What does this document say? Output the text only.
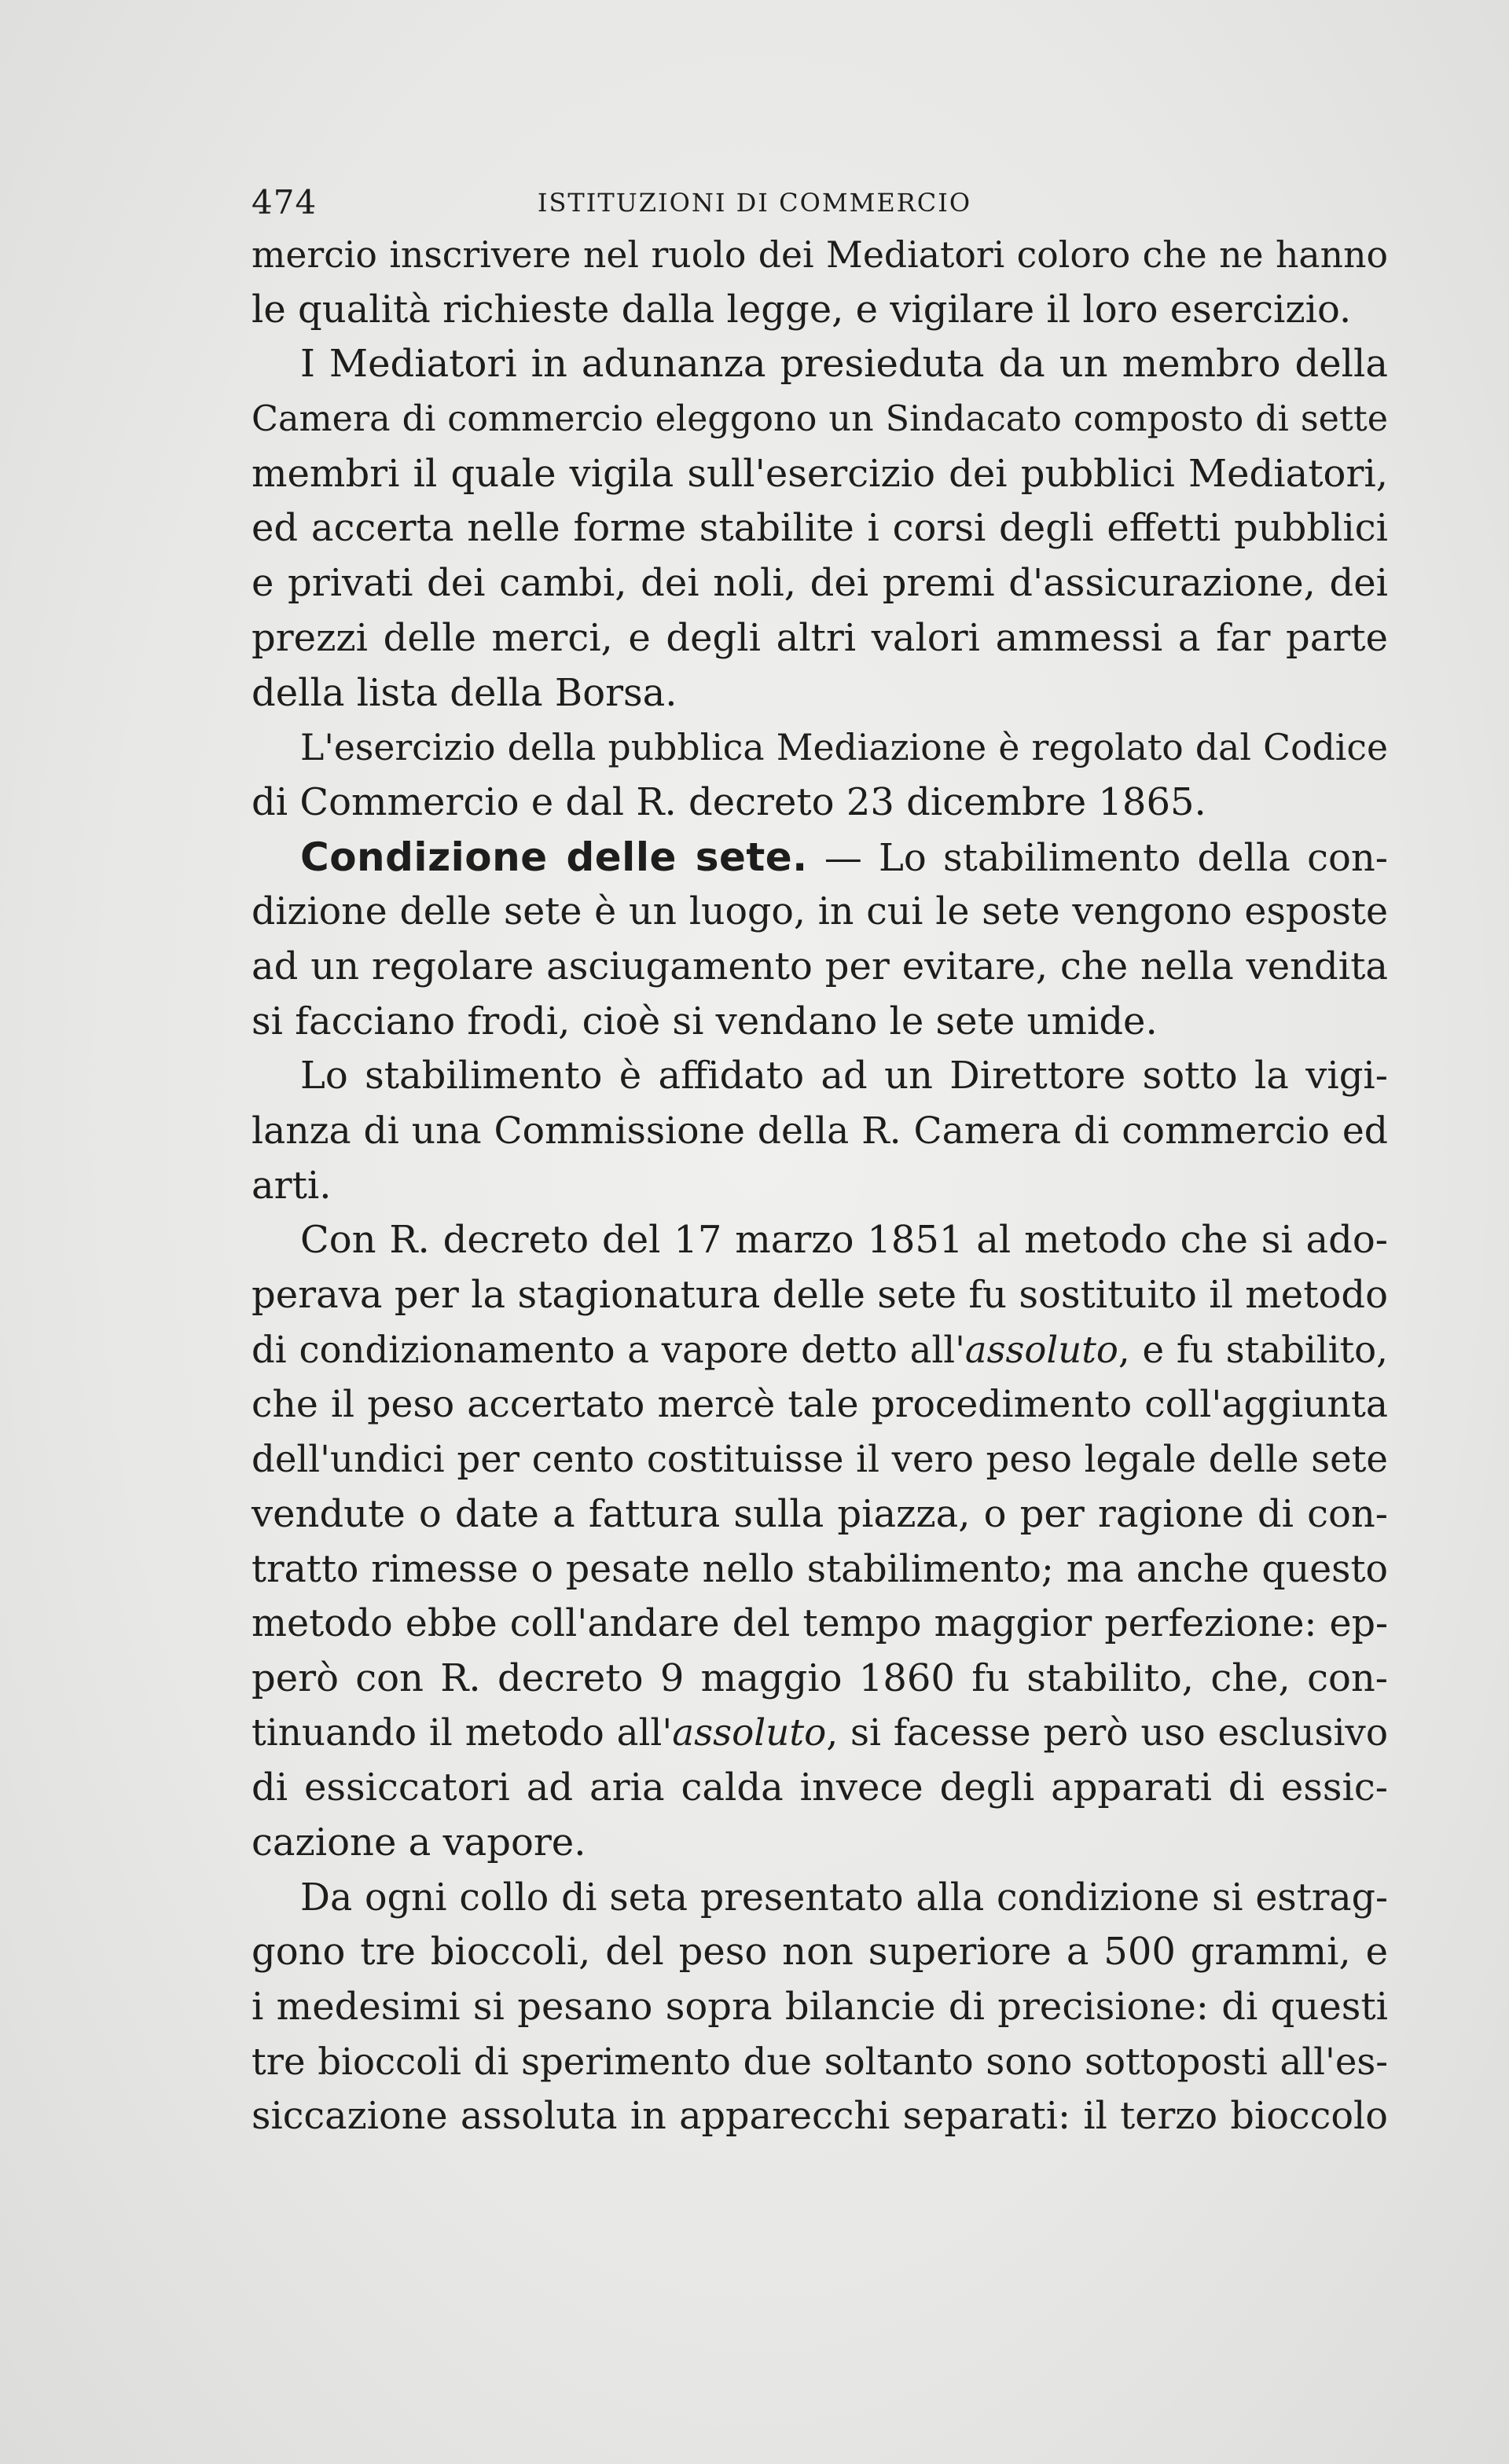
474	ISTITUZIONI DI COMMERCIO
mercio inscrivere nel ruolo dei Mediatori coloro che ne hanno
le qualità richieste dalla legge, e vigilare il loro esercizio.
I Mediatori in adunanza presieduta da un membro della
Camera di commercio eleggono un Sindacato composto di sette
membri il quale vigila sull'esercizio dei pubblici Mediatori,
ed accerta nelle forme stabilite i corsi degli effetti pubblici
e privati dei cambi, dei noli, dei premi d'assicurazione, dei
prezzi delle merci, e degli altri valori ammessi a far parte
della lista della Borsa.
L'esercizio della pubblica Mediazione è regolato dal Codice
di Commercio e dal R. decreto 23 dicembre 1865.
Condizione delle sete. — Lo stabilimento della con-
dizione delle sete è un luogo, in cui le sete vengono esposte
ad un regolare asciugamento per evitare, che nella vendita
si facciano frodi, cioè si vendano le sete umide.
Lo stabilimento è affidato ad un Direttore sotto la vigi-
lanza di una Commissione della R. Camera di commercio ed
arti.
Con R. decreto del 17 marzo 1851 al metodo che si ado-
perava per la stagionatura delle sete fu sostituito il metodo
di condizionamento a vapore detto all'assoluto, e fu stabilito,
che il peso accertato mercè tale procedimento coll'aggiunta
dell'undici per cento costituisse il vero peso legale delle sete
vendute o date a fattura sulla piazza, o per ragione di con-
tratto rimesse o pesate nello stabilimento; ma anche questo
metodo ebbe coll'andare del tempo maggior perfezione: ep-
però con R. decreto 9 maggio 1860 fu stabilito, che, con-
tinuando il metodo all'assoluto, si facesse però uso esclusivo
di essiccatori ad aria calda invece degli apparati di essic-
cazione a vapore.
Da ogni collo di seta presentato alla condizione si estrag-
gono tre bioccoli, del peso non superiore a 500 grammi, e
i medesimi si pesano sopra bilancie di precisione: di questi
tre bioccoli di sperimento due soltanto sono sottoposti all'es-
siccazione assoluta in apparecchi separati: il terzo bioccolo
